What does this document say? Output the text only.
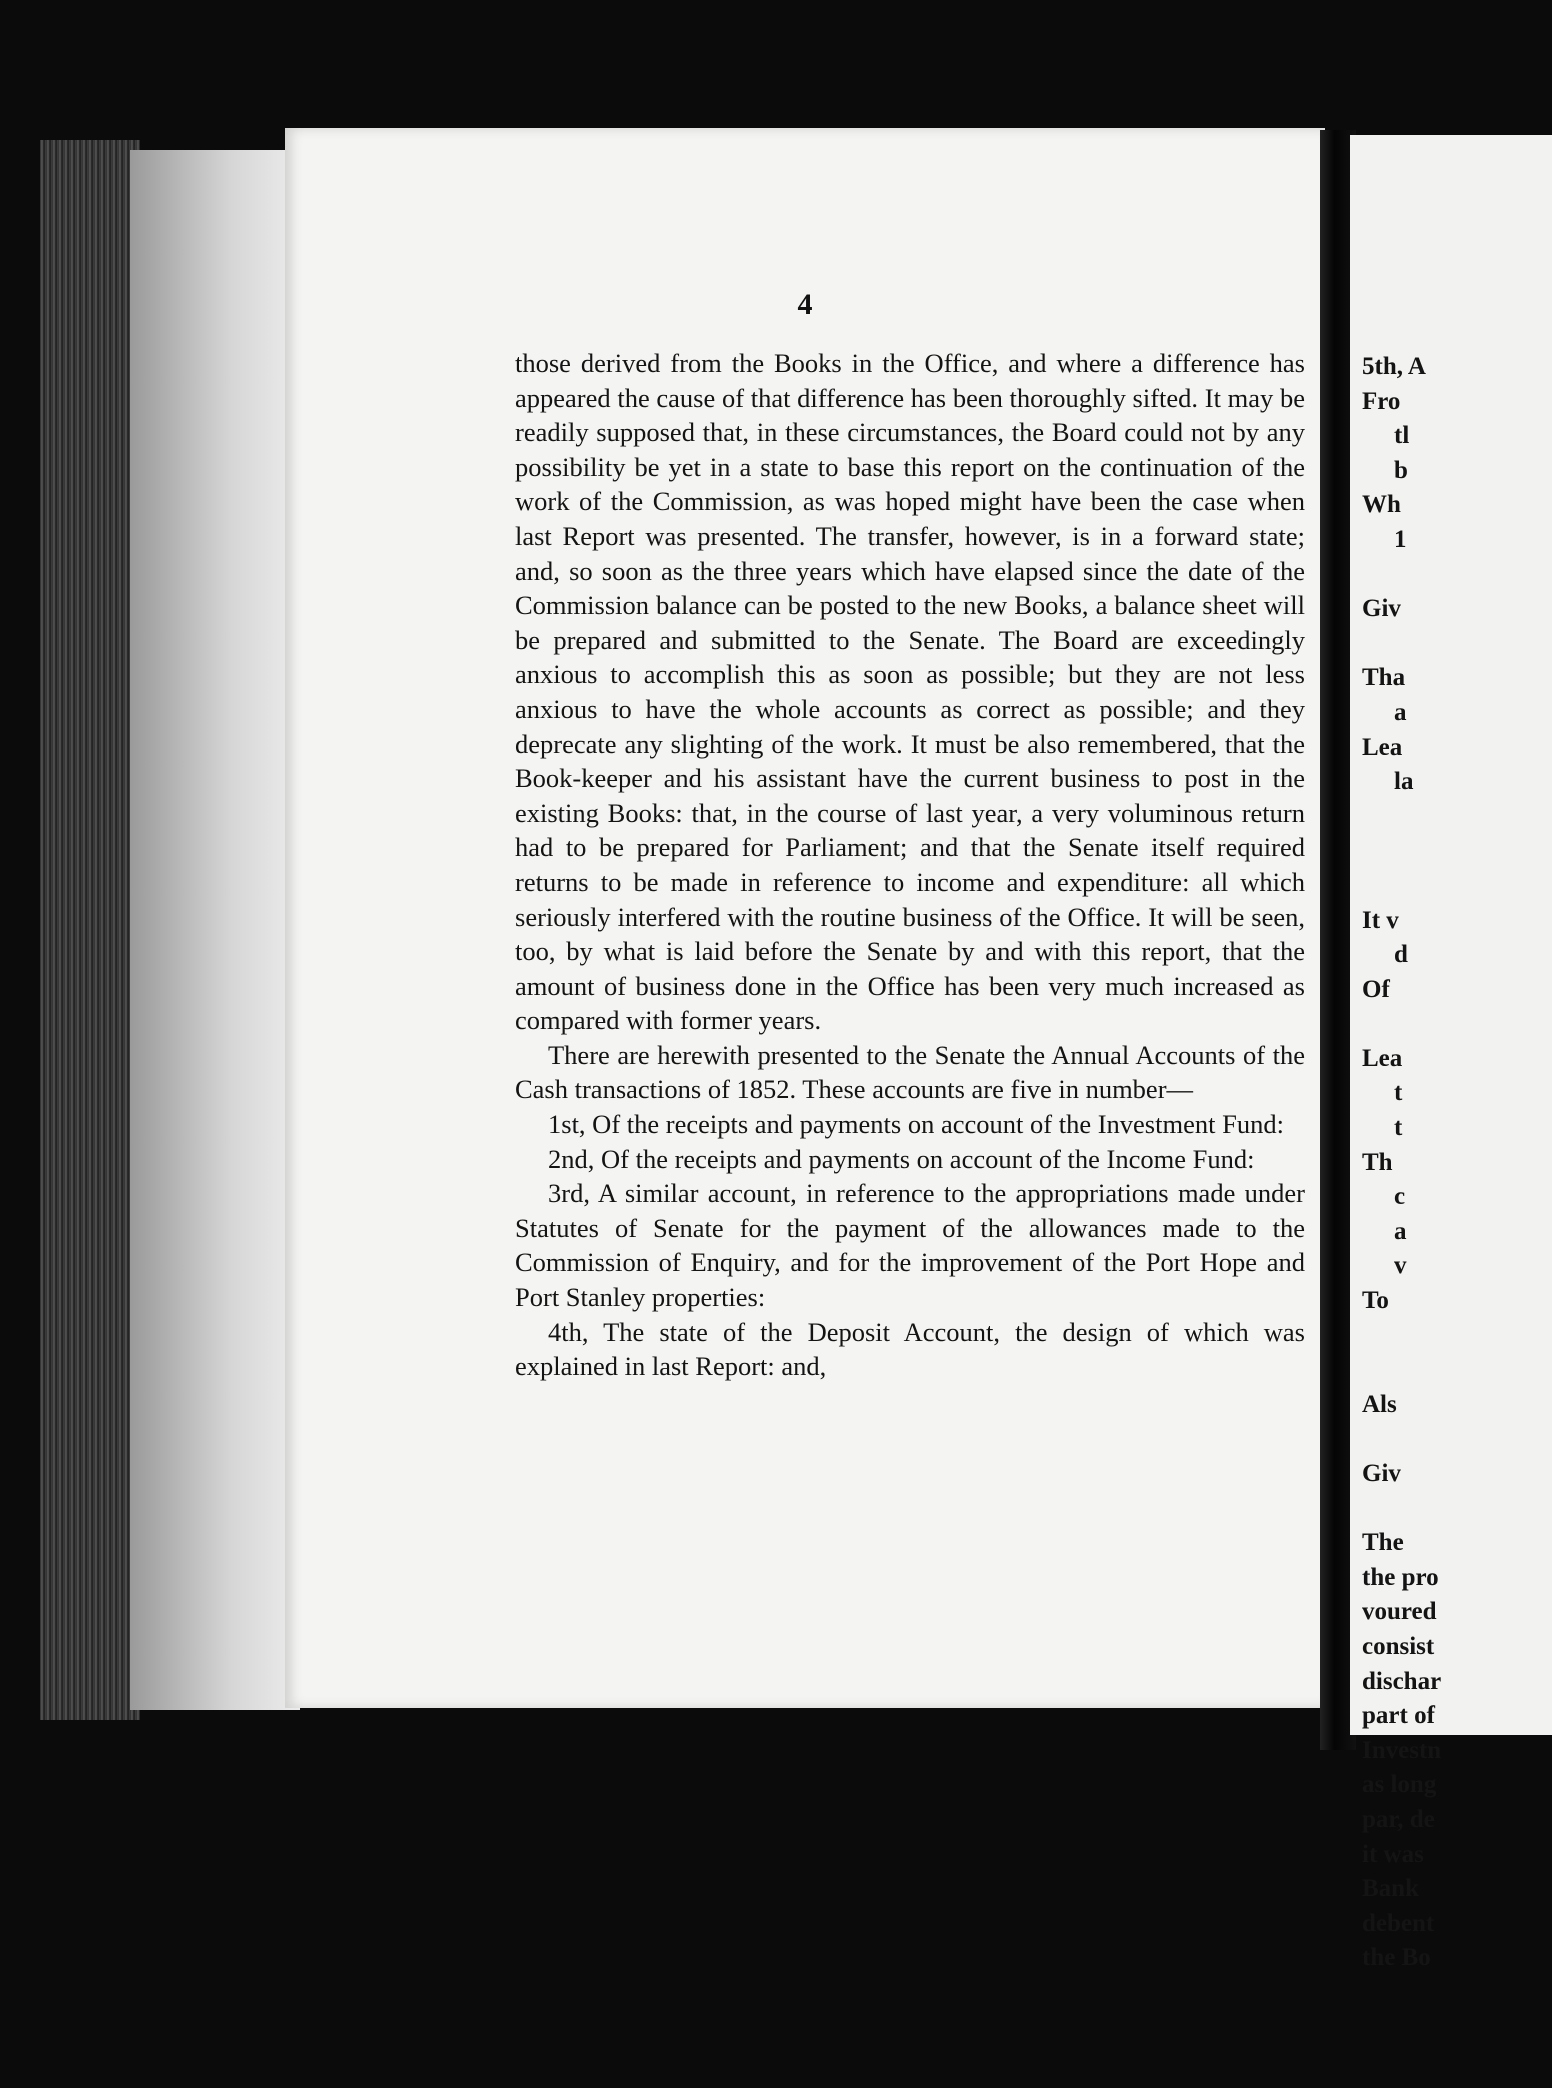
4

those derived from the Books in the Office, and where a difference has appeared the cause of that difference has been thoroughly sifted. It may be readily supposed that, in these circumstances, the Board could not by any possibility be yet in a state to base this report on the continuation of the work of the Commission, as was hoped might have been the case when last Report was presented. The transfer, however, is in a forward state; and, so soon as the three years which have elapsed since the date of the Commission balance can be posted to the new Books, a balance sheet will be prepared and submitted to the Senate. The Board are exceedingly anxious to accomplish this as soon as possible; but they are not less anxious to have the whole accounts as correct as possible; and they deprecate any slighting of the work. It must be also remembered, that the Book-keeper and his assistant have the current business to post in the existing Books: that, in the course of last year, a very voluminous return had to be prepared for Parliament; and that the Senate itself required returns to be made in reference to income and expenditure: all which seriously interfered with the routine business of the Office. It will be seen, too, by what is laid before the Senate by and with this report, that the amount of business done in the Office has been very much increased as compared with former years.

There are herewith presented to the Senate the Annual Accounts of the Cash transactions of 1852. These accounts are five in number—

1st, Of the receipts and payments on account of the Investment Fund:

2nd, Of the receipts and payments on account of the Income Fund:

3rd, A similar account, in reference to the appropriations made under Statutes of Senate for the payment of the allowances made to the Commission of Enquiry, and for the improvement of the Port Hope and Port Stanley properties:

4th, The state of the Deposit Account, the design of which was explained in last Report: and,

5th, A
Fro
tl
b
Wh
1
Giv
Tha
a
Lea
la
It v
d
Of
Lea
t
t
Th
c
a
v
To
Als
Giv
The
the pro
voured
consist
dischar
part of
Investn
as long
par, de
it was
Bank
debent
the Bo
